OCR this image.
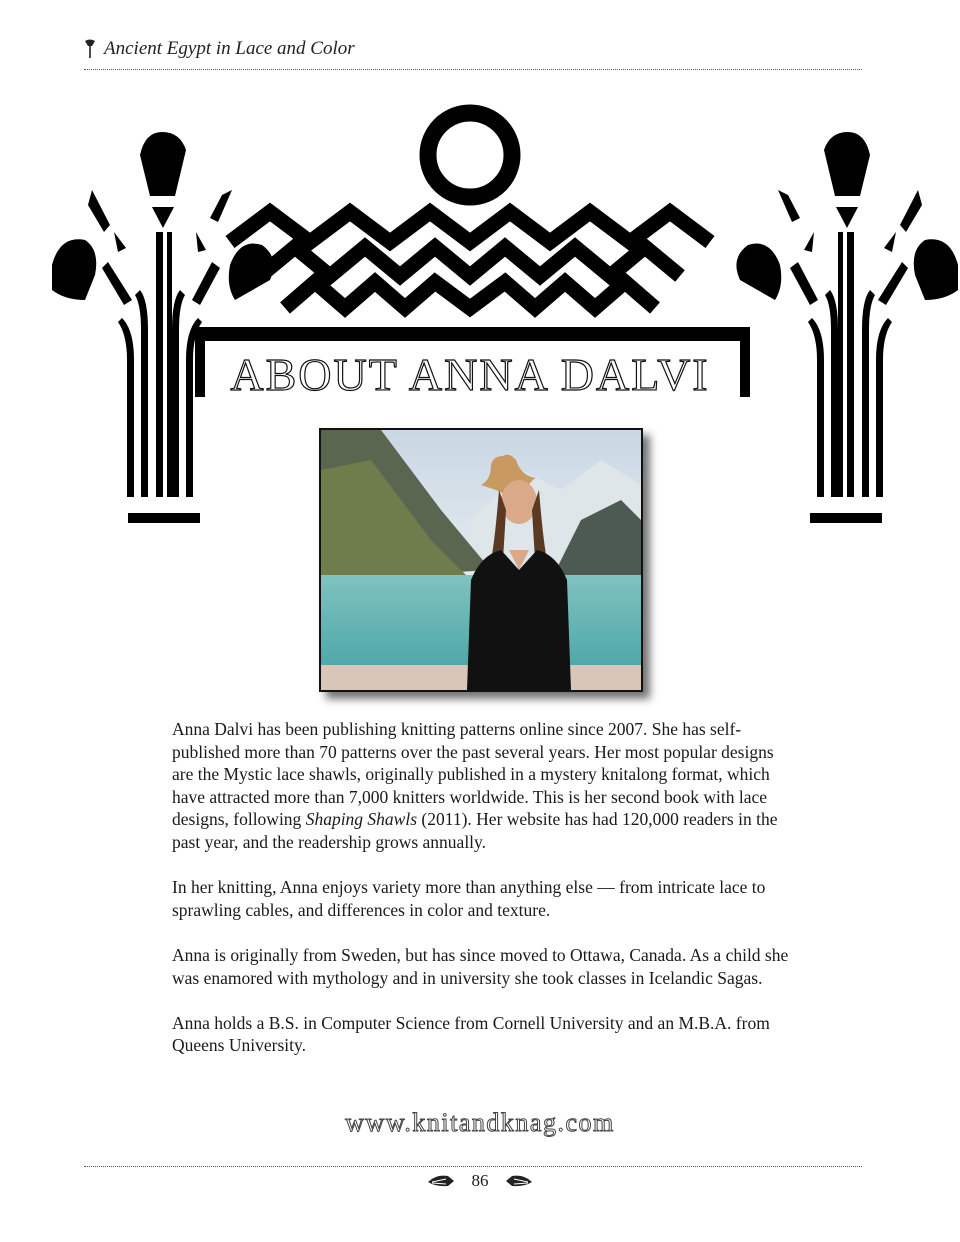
Ancient Egypt in Lace and Color
ABOUT ANNA DALVI

Anna Dalvi has been publishing knitting patterns online since 2007. She has self-published more than 70 patterns over the past several years. Her most popular designs are the Mystic lace shawls, originally published in a mystery knitalong format, which have attracted more than 7,000 knitters worldwide. This is her second book with lace designs, following Shaping Shawls (2011). Her website has had 120,000 readers in the past year, and the readership grows annually.

In her knitting, Anna enjoys variety more than anything else — from intricate lace to sprawling cables, and differences in color and texture.

Anna is originally from Sweden, but has since moved to Ottawa, Canada. As a child she was enamored with mythology and in university she took classes in Icelandic Sagas.

Anna holds a B.S. in Computer Science from Cornell University and an M.B.A. from Queens University.

www.knitandknag.com
86
